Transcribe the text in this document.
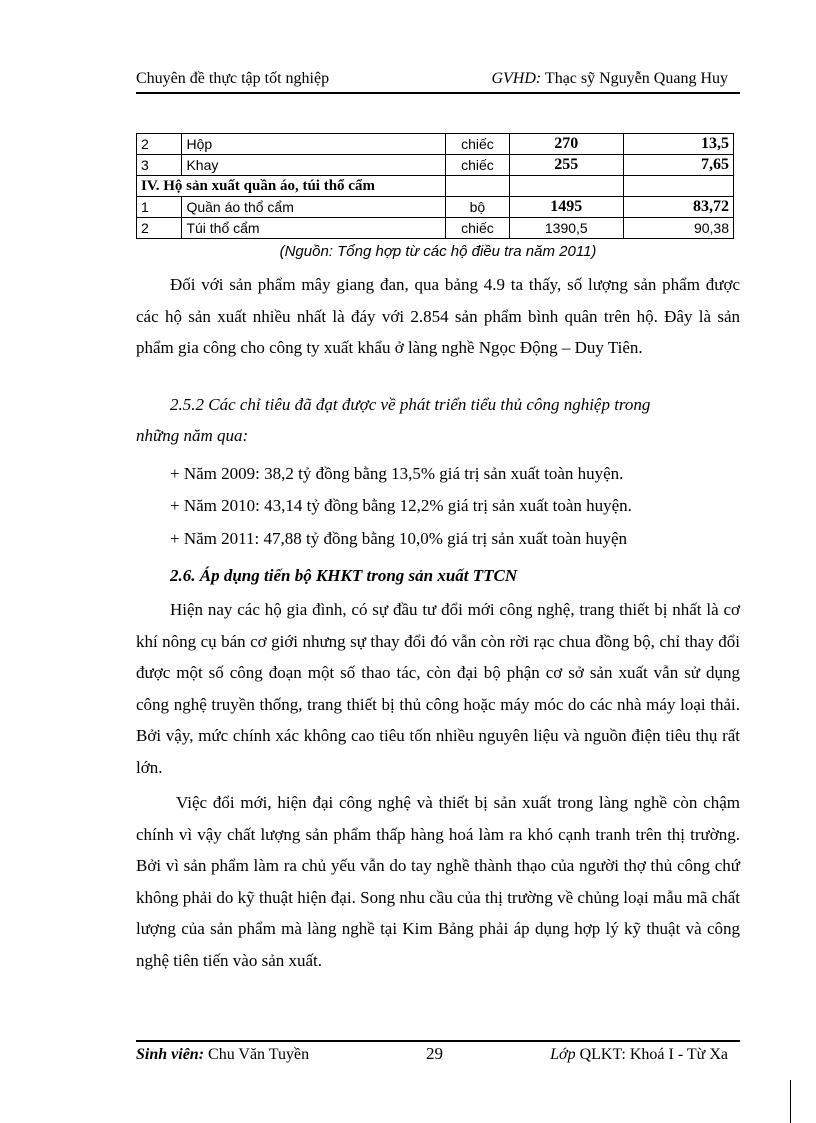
Chuyên đề thực tập tốt nghiệp	GVHD: Thạc sỹ Nguyễn Quang Huy
2	Hộp	chiếc	270	13,5
3	Khay	chiếc	255	7,65
IV. Hộ sản xuất quần áo, túi thổ cẩm				
1	Quần áo thổ cẩm	bộ	1495	83,72
2	Túi thổ cẩm	chiếc	1390,5	90,38
(Nguồn: Tổng hợp từ các hộ điều tra năm 2011)
Đối với sản phẩm mây giang đan, qua bảng 4.9 ta thấy, số lượng sản phẩm được các hộ sản xuất nhiều nhất là đáy với 2.854 sản phẩm bình quân trên hộ. Đây là sản phẩm gia công cho công ty xuất khẩu ở làng nghề Ngọc Động – Duy Tiên.
2.5.2 Các chỉ tiêu đã đạt được về phát triển tiểu thủ công nghiệp trong
những năm qua:
+ Năm 2009: 38,2 tỷ đồng bằng 13,5% giá trị sản xuất toàn huyện.
+ Năm 2010: 43,14 tỷ đồng bằng 12,2% giá trị sản xuất toàn huyện.
+ Năm 2011: 47,88 tỷ đồng bằng 10,0% giá trị sản xuất toàn huyện
2.6. Áp dụng tiến bộ KHKT trong sản xuất TTCN
Hiện nay các hộ gia đình, có sự đầu tư đổi mới công nghệ, trang thiết bị nhất là cơ khí nông cụ bán cơ giới nhưng sự thay đổi đó vẫn còn rời rạc chua đồng bộ, chỉ thay đổi được một số công đoạn một số thao tác, còn đại bộ phận cơ sở sản xuất vẫn sử dụng công nghệ truyền thống, trang thiết bị thủ công hoặc máy móc do các nhà máy loại thải. Bởi vậy, mức chính xác không cao tiêu tốn nhiều nguyên liệu và nguồn điện tiêu thụ rất lớn.
Việc đổi mới, hiện đại công nghệ và thiết bị sản xuất trong làng nghề còn chậm chính vì vậy chất lượng sản phẩm thấp hàng hoá làm ra khó cạnh tranh trên thị trường. Bởi vì sản phẩm làm ra chủ yếu vẫn do tay nghề thành thạo của người thợ thủ công chứ không phải do kỹ thuật hiện đại. Song nhu cầu của thị trường về chủng loại mẫu mã chất lượng của sản phẩm mà làng nghề tại Kim Bảng phải áp dụng hợp lý kỹ thuật và công nghệ tiên tiến vào sản xuất.
Sinh viên: Chu Văn Tuyền	29	Lớp QLKT: Khoá I - Từ Xa
